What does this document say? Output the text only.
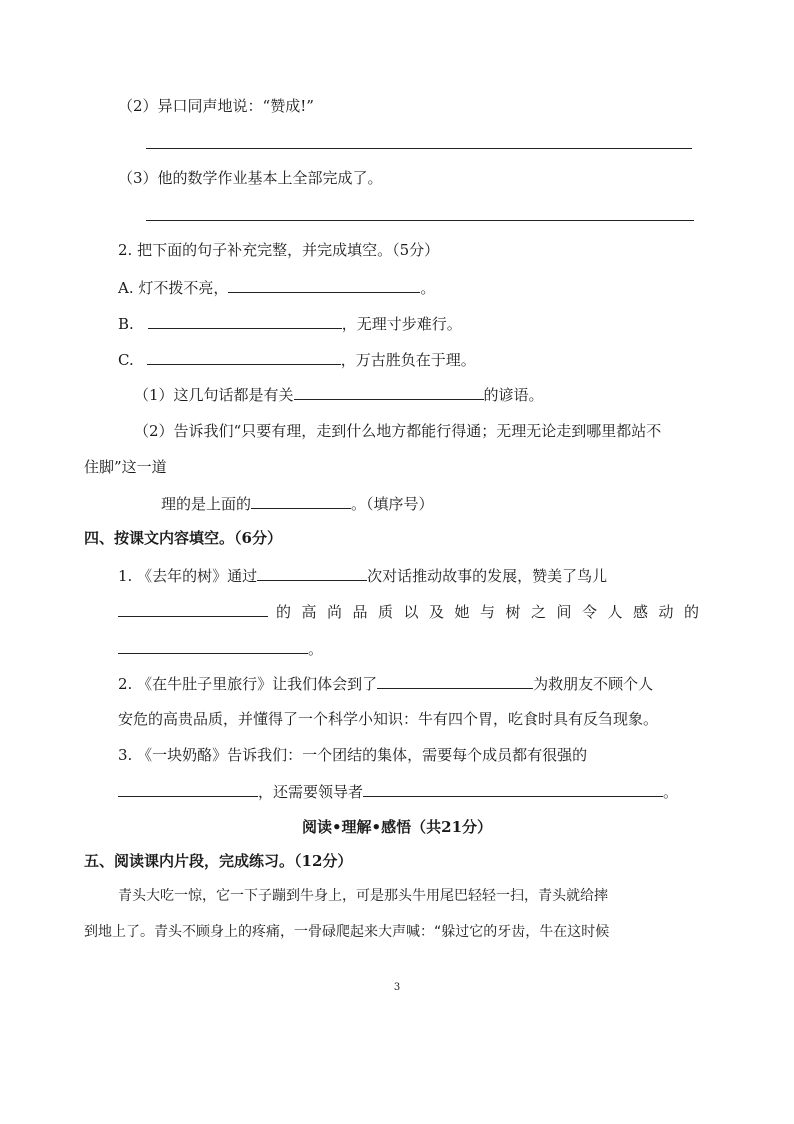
（2）异口同声地说：“赞成!”
（3）他的数学作业基本上全部完成了。
2. 把下面的句子补充完整，并完成填空。（5分）
A. 灯不拨不亮，	。
B.	，无理寸步难行。
C.	，万古胜负在于理。
（1）这几句话都是有关	的谚语。
（2）告诉我们“只要有理，走到什么地方都能行得通；无理无论走到哪里都站不
住脚”这一道
理的是上面的	。（填序号）
四、按课文内容填空。（6分）
1. 《去年的树》通过	次对话推动故事的发展，赞美了鸟儿
的高尚品质以及她与树之间令人感动的
。
2. 《在牛肚子里旅行》让我们体会到了	为救朋友不顾个人
安危的高贵品质，并懂得了一个科学小知识：牛有四个胃，吃食时具有反刍现象。
3. 《一块奶酪》告诉我们：一个团结的集体，需要每个成员都有很强的
，还需要领导者	。
阅读•理解•感悟（共21分）
五、阅读课内片段，完成练习。（12分）
青头大吃一惊，它一下子蹦到牛身上，可是那头牛用尾巴轻轻一扫，青头就给摔
到地上了。青头不顾身上的疼痛，一骨碌爬起来大声喊：“躲过它的牙齿，牛在这时候
3
